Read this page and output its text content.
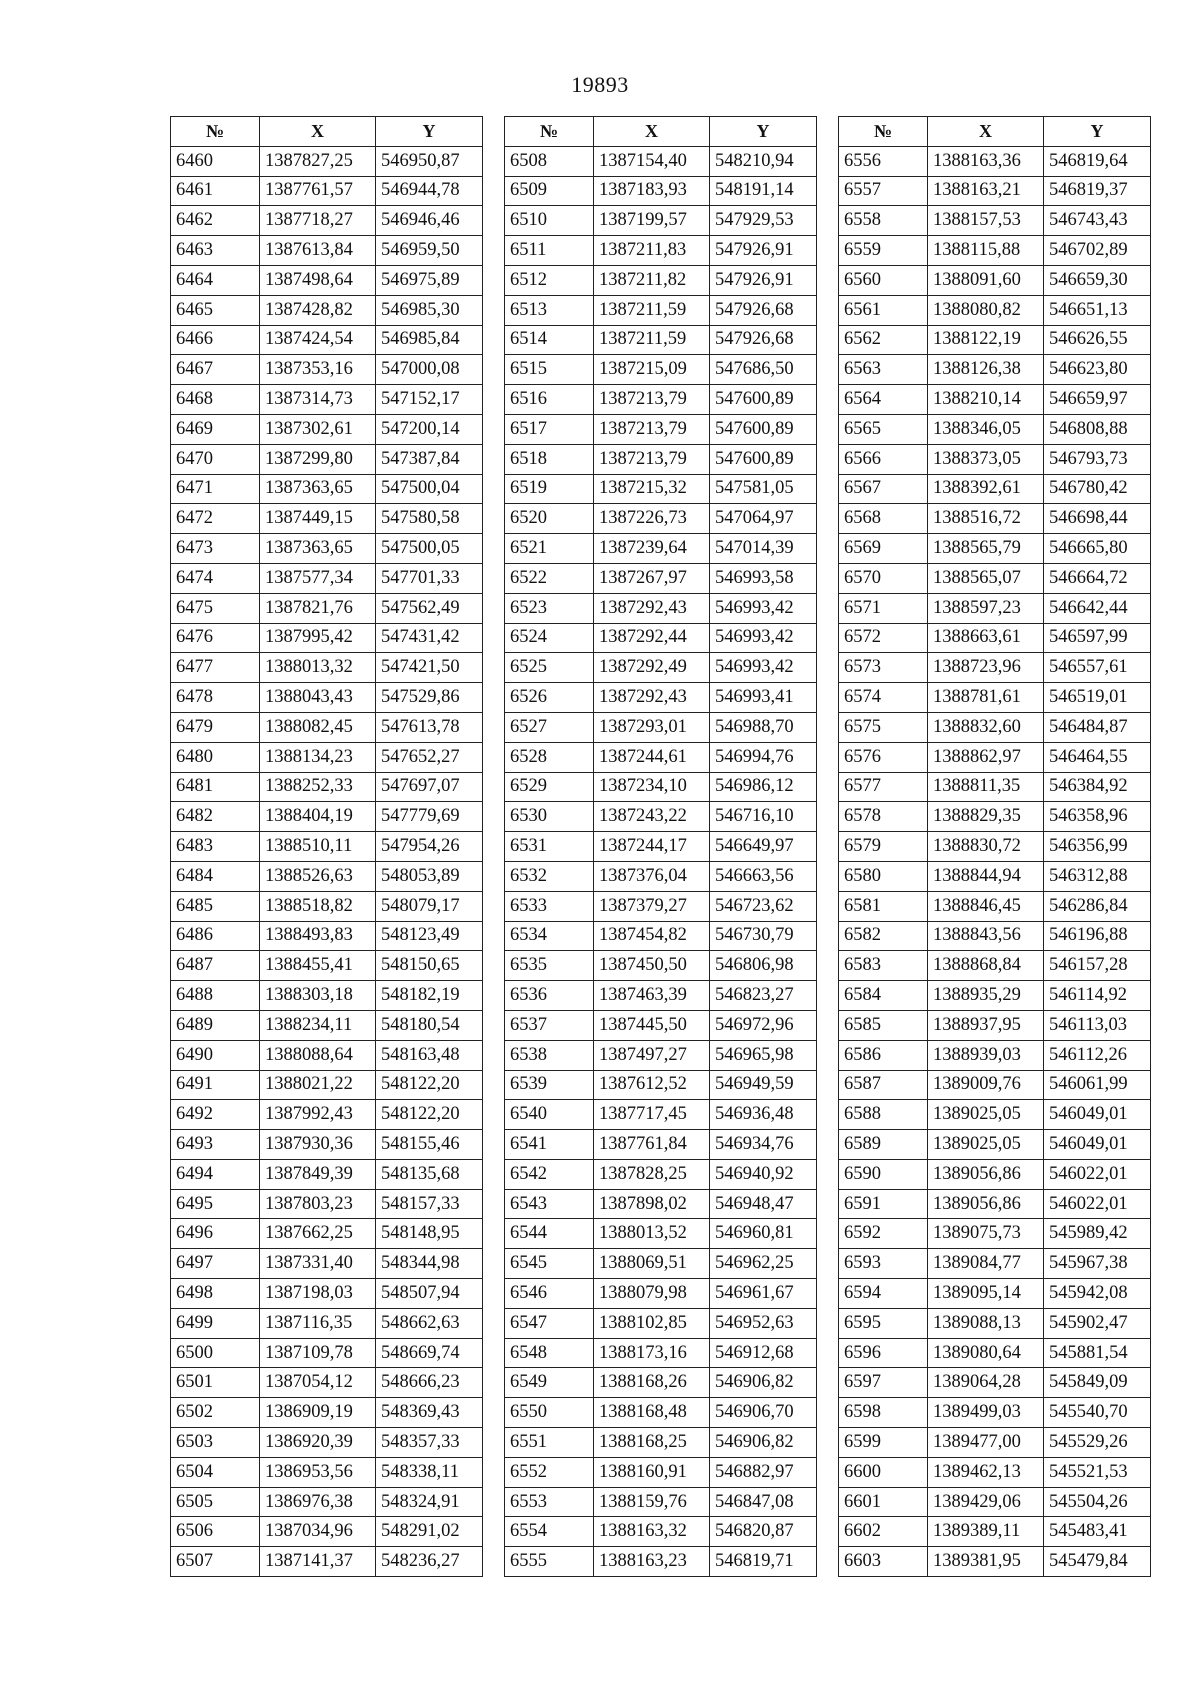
19893
№	X	Y
6460	1387827,25	546950,87
6461	1387761,57	546944,78
6462	1387718,27	546946,46
6463	1387613,84	546959,50
6464	1387498,64	546975,89
6465	1387428,82	546985,30
6466	1387424,54	546985,84
6467	1387353,16	547000,08
6468	1387314,73	547152,17
6469	1387302,61	547200,14
6470	1387299,80	547387,84
6471	1387363,65	547500,04
6472	1387449,15	547580,58
6473	1387363,65	547500,05
6474	1387577,34	547701,33
6475	1387821,76	547562,49
6476	1387995,42	547431,42
6477	1388013,32	547421,50
6478	1388043,43	547529,86
6479	1388082,45	547613,78
6480	1388134,23	547652,27
6481	1388252,33	547697,07
6482	1388404,19	547779,69
6483	1388510,11	547954,26
6484	1388526,63	548053,89
6485	1388518,82	548079,17
6486	1388493,83	548123,49
6487	1388455,41	548150,65
6488	1388303,18	548182,19
6489	1388234,11	548180,54
6490	1388088,64	548163,48
6491	1388021,22	548122,20
6492	1387992,43	548122,20
6493	1387930,36	548155,46
6494	1387849,39	548135,68
6495	1387803,23	548157,33
6496	1387662,25	548148,95
6497	1387331,40	548344,98
6498	1387198,03	548507,94
6499	1387116,35	548662,63
6500	1387109,78	548669,74
6501	1387054,12	548666,23
6502	1386909,19	548369,43
6503	1386920,39	548357,33
6504	1386953,56	548338,11
6505	1386976,38	548324,91
6506	1387034,96	548291,02
6507	1387141,37	548236,27
№	X	Y
6508	1387154,40	548210,94
6509	1387183,93	548191,14
6510	1387199,57	547929,53
6511	1387211,83	547926,91
6512	1387211,82	547926,91
6513	1387211,59	547926,68
6514	1387211,59	547926,68
6515	1387215,09	547686,50
6516	1387213,79	547600,89
6517	1387213,79	547600,89
6518	1387213,79	547600,89
6519	1387215,32	547581,05
6520	1387226,73	547064,97
6521	1387239,64	547014,39
6522	1387267,97	546993,58
6523	1387292,43	546993,42
6524	1387292,44	546993,42
6525	1387292,49	546993,42
6526	1387292,43	546993,41
6527	1387293,01	546988,70
6528	1387244,61	546994,76
6529	1387234,10	546986,12
6530	1387243,22	546716,10
6531	1387244,17	546649,97
6532	1387376,04	546663,56
6533	1387379,27	546723,62
6534	1387454,82	546730,79
6535	1387450,50	546806,98
6536	1387463,39	546823,27
6537	1387445,50	546972,96
6538	1387497,27	546965,98
6539	1387612,52	546949,59
6540	1387717,45	546936,48
6541	1387761,84	546934,76
6542	1387828,25	546940,92
6543	1387898,02	546948,47
6544	1388013,52	546960,81
6545	1388069,51	546962,25
6546	1388079,98	546961,67
6547	1388102,85	546952,63
6548	1388173,16	546912,68
6549	1388168,26	546906,82
6550	1388168,48	546906,70
6551	1388168,25	546906,82
6552	1388160,91	546882,97
6553	1388159,76	546847,08
6554	1388163,32	546820,87
6555	1388163,23	546819,71
№	X	Y
6556	1388163,36	546819,64
6557	1388163,21	546819,37
6558	1388157,53	546743,43
6559	1388115,88	546702,89
6560	1388091,60	546659,30
6561	1388080,82	546651,13
6562	1388122,19	546626,55
6563	1388126,38	546623,80
6564	1388210,14	546659,97
6565	1388346,05	546808,88
6566	1388373,05	546793,73
6567	1388392,61	546780,42
6568	1388516,72	546698,44
6569	1388565,79	546665,80
6570	1388565,07	546664,72
6571	1388597,23	546642,44
6572	1388663,61	546597,99
6573	1388723,96	546557,61
6574	1388781,61	546519,01
6575	1388832,60	546484,87
6576	1388862,97	546464,55
6577	1388811,35	546384,92
6578	1388829,35	546358,96
6579	1388830,72	546356,99
6580	1388844,94	546312,88
6581	1388846,45	546286,84
6582	1388843,56	546196,88
6583	1388868,84	546157,28
6584	1388935,29	546114,92
6585	1388937,95	546113,03
6586	1388939,03	546112,26
6587	1389009,76	546061,99
6588	1389025,05	546049,01
6589	1389025,05	546049,01
6590	1389056,86	546022,01
6591	1389056,86	546022,01
6592	1389075,73	545989,42
6593	1389084,77	545967,38
6594	1389095,14	545942,08
6595	1389088,13	545902,47
6596	1389080,64	545881,54
6597	1389064,28	545849,09
6598	1389499,03	545540,70
6599	1389477,00	545529,26
6600	1389462,13	545521,53
6601	1389429,06	545504,26
6602	1389389,11	545483,41
6603	1389381,95	545479,84
